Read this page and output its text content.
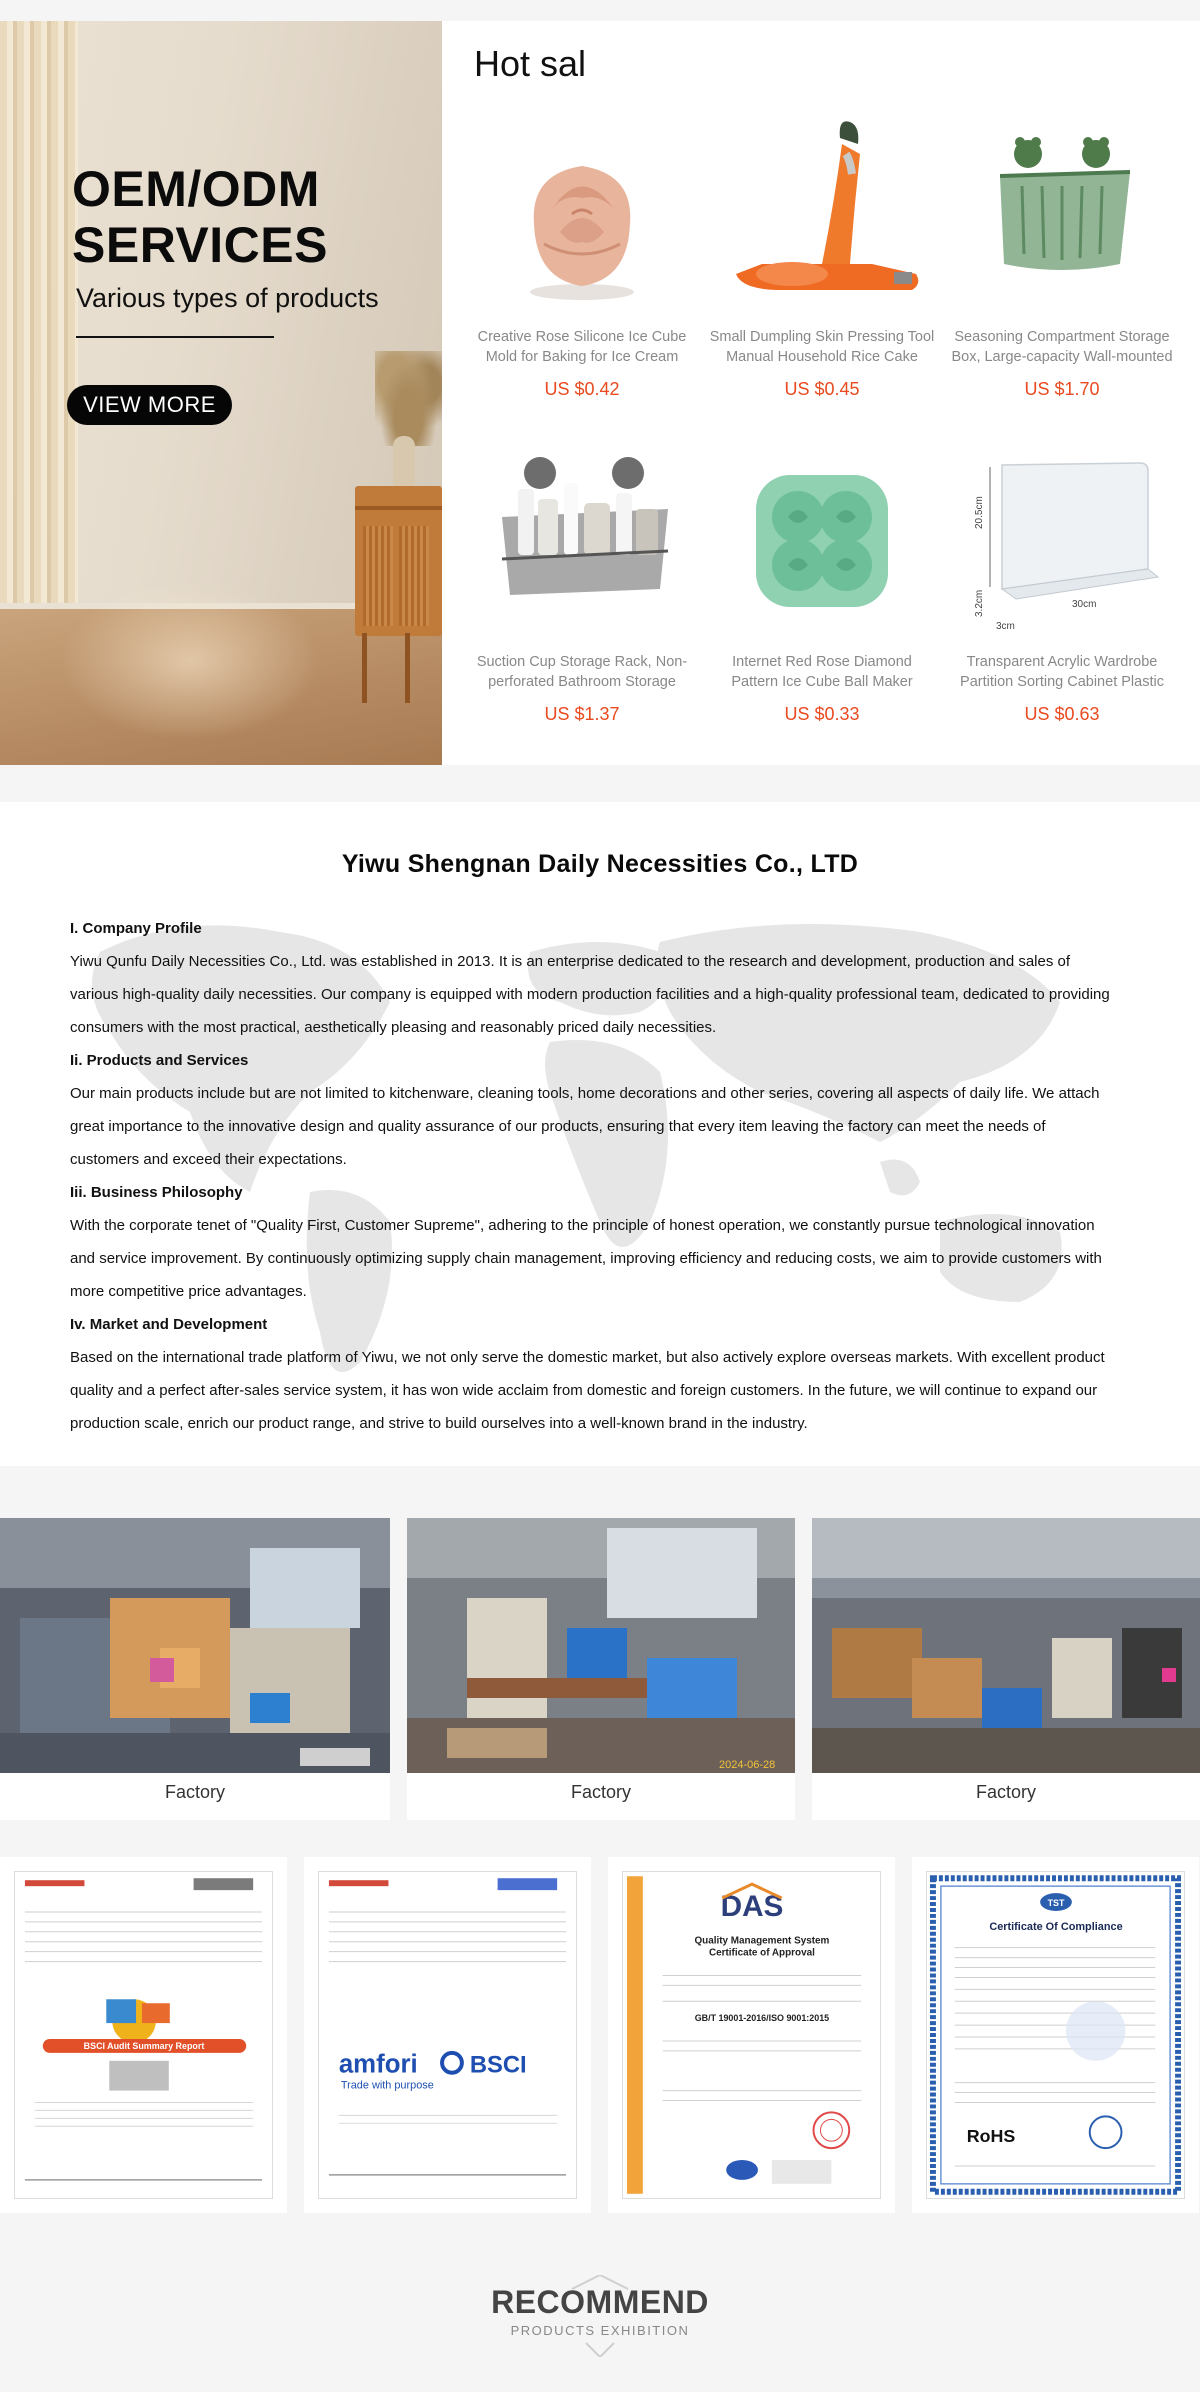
OEM/ODM
SERVICES
Various types of products
VIEW MORE
Hot sal
Creative Rose Silicone Ice Cube Mold for Baking for Ice Cream
US $0.42
Small Dumpling Skin Pressing Tool Manual Household Rice Cake
US $0.45
Seasoning Compartment Storage Box, Large-capacity Wall-mounted
US $1.70
Suction Cup Storage Rack, Non-perforated Bathroom Storage
US $1.37
Internet Red Rose Diamond Pattern Ice Cube Ball Maker
US $0.33
20.5cm
30cm
3.2cm
3cm
Transparent Acrylic Wardrobe Partition Sorting Cabinet Plastic
US $0.63
Yiwu Shengnan Daily Necessities Co., LTD
I. Company Profile

Yiwu Qunfu Daily Necessities Co., Ltd. was established in 2013. It is an enterprise dedicated to the research and development, production and sales of various high-quality daily necessities. Our company is equipped with modern production facilities and a high-quality professional team, dedicated to providing consumers with the most practical, aesthetically pleasing and reasonably priced daily necessities.

Ii. Products and Services

Our main products include but are not limited to kitchenware, cleaning tools, home decorations and other series, covering all aspects of daily life. We attach great importance to the innovative design and quality assurance of our products, ensuring that every item leaving the factory can meet the needs of customers and exceed their expectations.

Iii. Business Philosophy

With the corporate tenet of "Quality First, Customer Supreme", adhering to the principle of honest operation, we constantly pursue technological innovation and service improvement. By continuously optimizing supply chain management, improving efficiency and reducing costs, we aim to provide customers with more competitive price advantages.

Iv. Market and Development

Based on the international trade platform of Yiwu, we not only serve the domestic market, but also actively explore overseas markets. With excellent product quality and a perfect after-sales service system, it has won wide acclaim from domestic and foreign customers. In the future, we will continue to expand our production scale, enrich our product range, and strive to build ourselves into a well-known brand in the industry.

Factory
2024-06-28
Factory	Factory
BSCI Audit Summary Report
amfori BSCI
Trade with purpose
DAS
Quality Management System
Certificate of Approval
GB/T 19001-2016/ISO 9001:2015
TST
Certificate Of Compliance
RoHS
RECOMMEND
PRODUCTS EXHIBITION
